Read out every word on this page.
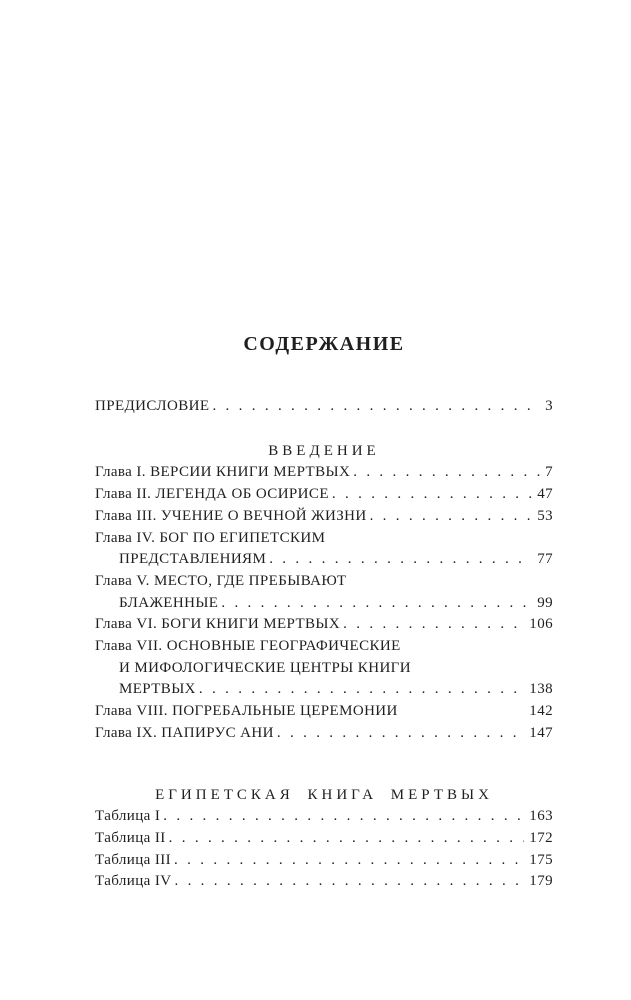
СОДЕРЖАНИЕ
ПРЕДИСЛОВИЕ . . .	3
ВВЕДЕНИЕ
Глава I. ВЕРСИИ КНИГИ МЕРТВЫХ . . .	7
Глава II. ЛЕГЕНДА ОБ ОСИРИСЕ . . .	47
Глава III. УЧЕНИЕ О ВЕЧНОЙ ЖИЗНИ . . .	53
Глава IV. БОГ ПО ЕГИПЕТСКИМ
ПРЕДСТАВЛЕНИЯМ . . .	77
Глава V. МЕСТО, ГДЕ ПРЕБЫВАЮТ
БЛАЖЕННЫЕ . . .	99
Глава VI. БОГИ КНИГИ МЕРТВЫХ . . .	106
Глава VII. ОСНОВНЫЕ ГЕОГРАФИЧЕСКИЕ
И МИФОЛОГИЧЕСКИЕ ЦЕНТРЫ КНИГИ
МЕРТВЫХ . . .	138
Глава VIII. ПОГРЕБАЛЬНЫЕ ЦЕРЕМОНИИ	142
Глава IX. ПАПИРУС АНИ . . .	147
ЕГИПЕТСКАЯ КНИГА МЕРТВЫХ
Таблица I . . .	163
Таблица II . . .	172
Таблица III . . .	175
Таблица IV . . .	179
